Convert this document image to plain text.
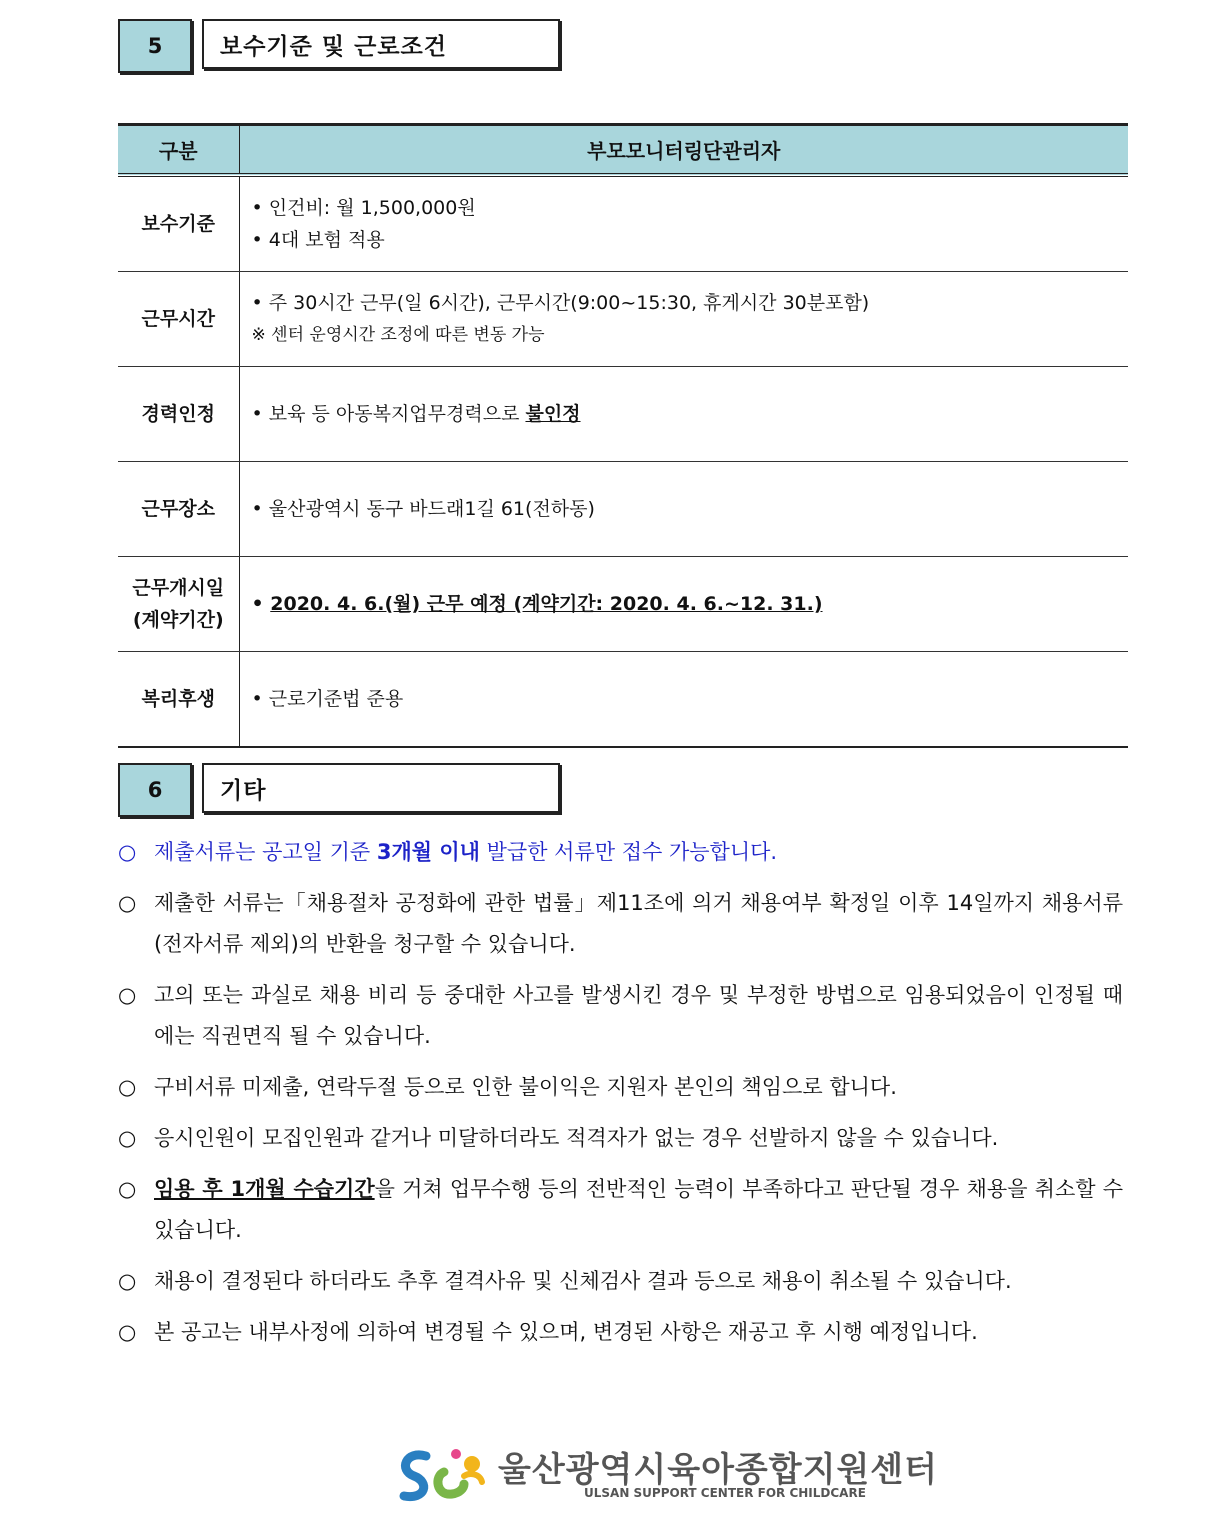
5	보수기준 및 근로조건
구분	부모모니터링단관리자
보수기준	• 인건비: 월 1,500,000원
• 4대 보험 적용

근무시간	• 주 30시간 근무(일 6시간), 근무시간(9:00~15:30, 휴게시간 30분포함)
※ 센터 운영시간 조정에 따른 변동 가능

경력인정	• 보육 등 아동복지업무경력으로 불인정
근무장소	• 울산광역시 동구 바드래1길 61(전하동)

근무개시일
(계약기간)	• 2020. 4. 6.(월) 근무 예정 (계약기간: 2020. 4. 6.~12. 31.)
복리후생	• 근로기준법 준용
6	기타
○ 제출서류는 공고일 기준 3개월 이내 발급한 서류만 접수 가능합니다.
○ 제출한 서류는「채용절차 공정화에 관한 법률」제11조에 의거 채용여부 확정일 이후 14일까지 채용서류(전자서류 제외)의 반환을 청구할 수 있습니다.
○ 고의 또는 과실로 채용 비리 등 중대한 사고를 발생시킨 경우 및 부정한 방법으로 임용되었음이 인정될 때에는 직권면직 될 수 있습니다.
○ 구비서류 미제출, 연락두절 등으로 인한 불이익은 지원자 본인의 책임으로 합니다.
○ 응시인원이 모집인원과 같거나 미달하더라도 적격자가 없는 경우 선발하지 않을 수 있습니다.
○ 임용 후 1개월 수습기간을 거쳐 업무수행 등의 전반적인 능력이 부족하다고 판단될 경우 채용을 취소할 수 있습니다.
○ 채용이 결정된다 하더라도 추후 결격사유 및 신체검사 결과 등으로 채용이 취소될 수 있습니다.
○ 본 공고는 내부사정에 의하여 변경될 수 있으며, 변경된 사항은 재공고 후 시행 예정입니다.
울산광역시육아종합지원센터
ULSAN SUPPORT CENTER FOR CHILDCARE
